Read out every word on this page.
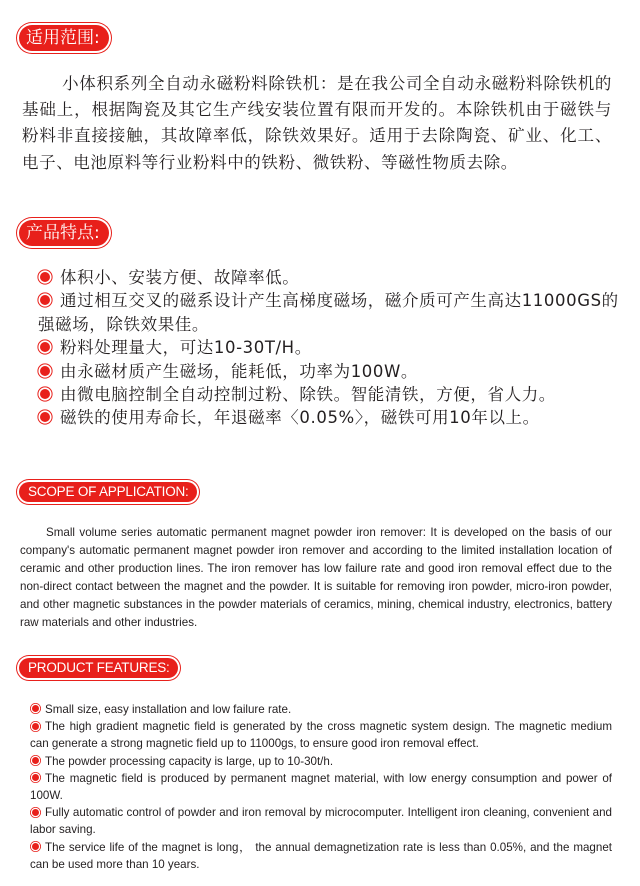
适用范围:

小体积系列全自动永磁粉料除铁机：是在我公司全自动永磁粉料除铁机的基础上，根据陶瓷及其它生产线安装位置有限而开发的。本除铁机由于磁铁与粉料非直接接触，其故障率低，除铁效果好。适用于去除陶瓷、矿业、化工、电子、电池原料等行业粉料中的铁粉、微铁粉、等磁性物质去除。

产品特点:
体积小、安装方便、故障率低。
通过相互交叉的磁系设计产生高梯度磁场，磁介质可产生高达11000GS的强磁场，除铁效果佳。
粉料处理量大，可达10-30T/H。
由永磁材质产生磁场，能耗低，功率为100W。
由微电脑控制全自动控制过粉、除铁。智能清铁，方便，省人力。
磁铁的使用寿命长，年退磁率〈0.05%〉，磁铁可用10年以上。
SCOPE OF APPLICATION:

Small volume series automatic permanent magnet powder iron remover: It is developed on the basis of our company's automatic permanent magnet powder iron remover and according to the limited installation location of ceramic and other production lines. The iron remover has low failure rate and good iron removal effect due to the non-direct contact between the magnet and the powder. It is suitable for removing iron powder, micro-iron powder, and other magnetic substances in the powder materials of ceramics, mining, chemical industry, electronics, battery raw materials and other industries.

PRODUCT FEATURES:
Small size, easy installation and low failure rate.
The high gradient magnetic field is generated by the cross magnetic system design. The magnetic medium can generate a strong magnetic field up to 11000gs, to ensure good iron removal effect.
The powder processing capacity is large, up to 10-30t/h.
The magnetic field is produced by permanent magnet material, with low energy consumption and power of 100W.
Fully automatic control of powder and iron removal by microcomputer. Intelligent iron cleaning, convenient and labor saving.
The service life of the magnet is long， the annual demagnetization rate is less than 0.05%, and the magnet can be used more than 10 years.
